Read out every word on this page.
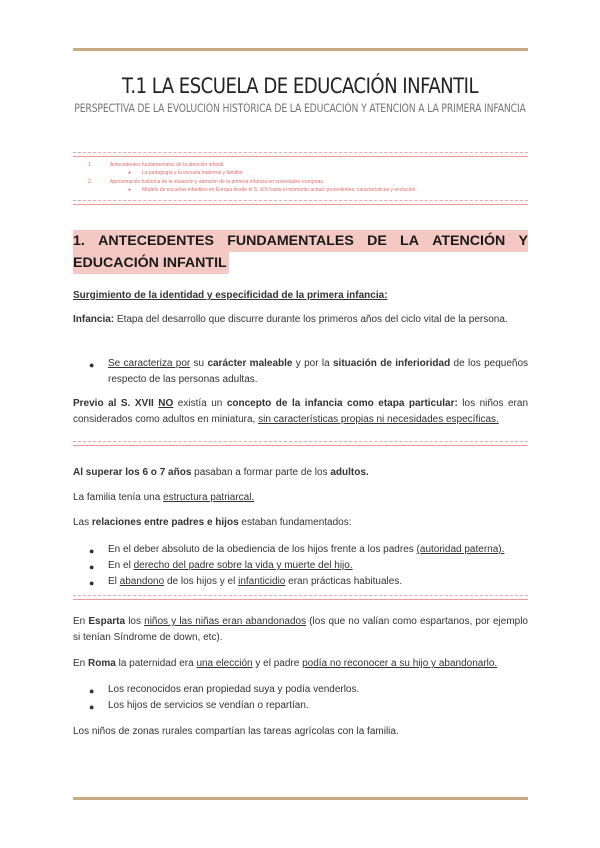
T.1 LA ESCUELA DE EDUCACIÓN INFANTIL
PERSPECTIVA DE LA EVOLUCIÓN HISTÓRICA DE LA EDUCACIÓN Y ATENCIÓN A LA PRIMERA INFANCIA
1.	Antecedentes fundamentales de la atención infantil.
● La pedagogía y la escuela maternal y familiar.
2.	Aproximación histórica de la situación y atención de la primera infancia en sociedades europeas.
● Modelo de escuelas infantiles en Europa desde el S. XIX hasta el momento actual: precedentes, características y evolución.
1. ANTECEDENTES FUNDAMENTALES DE LA ATENCIÓN Y
EDUCACIÓN INFANTIL
Surgimiento de la identidad y especificidad de la primera infancia:
Infancia: Etapa del desarrollo que discurre durante los primeros años del ciclo vital de la persona.
● Se caracteriza por su carácter maleable y por la situación de inferioridad de los pequeños respecto de las personas adultas.
Previo al S. XVII NO existía un concepto de la infancia como etapa particular: los niños eran considerados como adultos en miniatura, sin características propias ni necesidades específicas.
Al superar los 6 o 7 años pasaban a formar parte de los adultos.
La familia tenía una estructura patriarcal.
Las relaciones entre padres e hijos estaban fundamentados:
● En el deber absoluto de la obediencia de los hijos frente a los padres (autoridad paterna).
● En el derecho del padre sobre la vida y muerte del hijo.
● El abandono de los hijos y el infanticidio eran prácticas habituales.
En Esparta los niños y las niñas eran abandonados (los que no valían como espartanos, por ejemplo si tenían Síndrome de down, etc).
En Roma la paternidad era una elección y el padre podía no reconocer a su hijo y abandonarlo.
● Los reconocidos eran propiedad suya y podía venderlos.
● Los hijos de servicios se vendían o repartían.
Los niños de zonas rurales compartían las tareas agrícolas con la familia.
